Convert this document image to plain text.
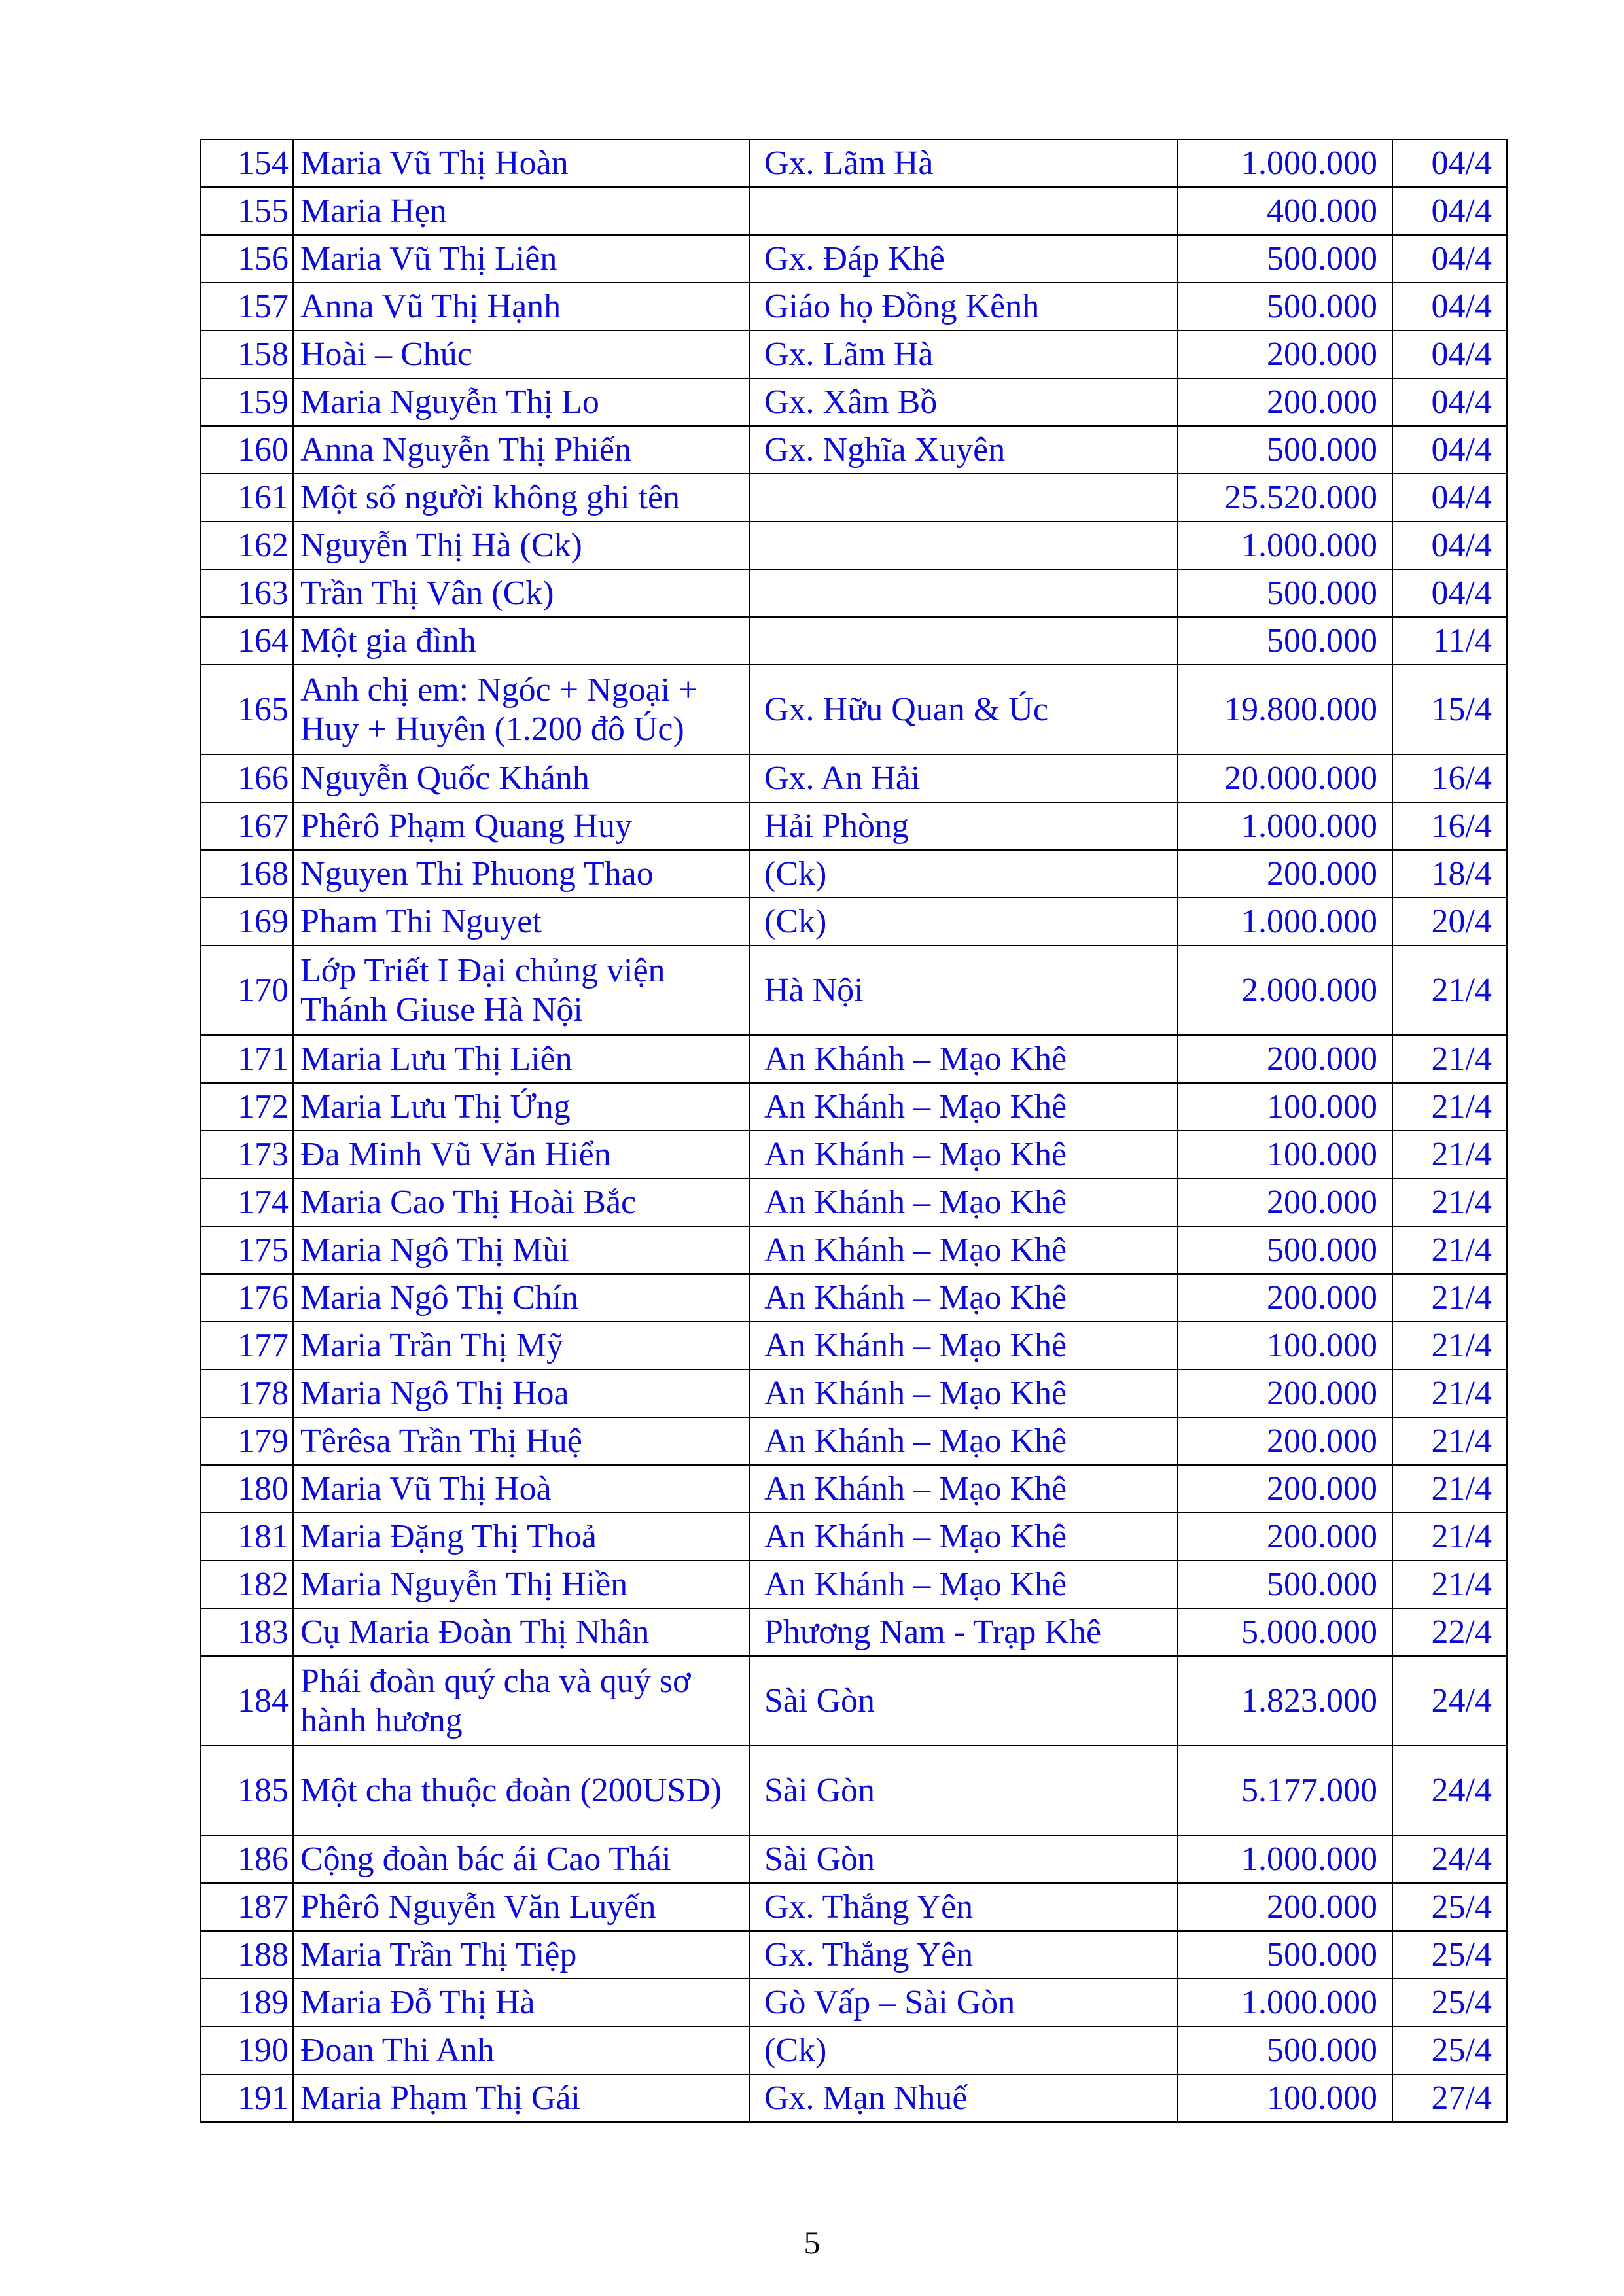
154	Maria Vũ Thị Hoàn	Gx. Lãm Hà	1.000.000	04/4
155	Maria Hẹn		400.000	04/4
156	Maria Vũ Thị Liên	Gx. Đáp Khê	500.000	04/4
157	Anna Vũ Thị Hạnh	Giáo họ Đồng Kênh	500.000	04/4
158	Hoài – Chúc	Gx. Lãm Hà	200.000	04/4
159	Maria Nguyễn Thị Lo	Gx. Xâm Bồ	200.000	04/4
160	Anna Nguyễn Thị Phiến	Gx. Nghĩa Xuyên	500.000	04/4
161	Một số người không ghi tên		25.520.000	04/4
162	Nguyễn Thị Hà (Ck)		1.000.000	04/4
163	Trần Thị Vân (Ck)		500.000	04/4
164	Một gia đình		500.000	11/4
165	Anh chị em: Ngóc + Ngoại + Huy + Huyên (1.200 đô Úc)	Gx. Hữu Quan & Úc	19.800.000	15/4
166	Nguyễn Quốc Khánh	Gx. An Hải	20.000.000	16/4
167	Phêrô Phạm Quang Huy	Hải Phòng	1.000.000	16/4
168	Nguyen Thi Phuong Thao	(Ck)	200.000	18/4
169	Pham Thi Nguyet	(Ck)	1.000.000	20/4
170	Lớp Triết I Đại chủng viện Thánh Giuse Hà Nội	Hà Nội	2.000.000	21/4
171	Maria Lưu Thị Liên	An Khánh – Mạo Khê	200.000	21/4
172	Maria Lưu Thị Ứng	An Khánh – Mạo Khê	100.000	21/4
173	Đa Minh Vũ Văn Hiển	An Khánh – Mạo Khê	100.000	21/4
174	Maria Cao Thị Hoài Bắc	An Khánh – Mạo Khê	200.000	21/4
175	Maria Ngô Thị Mùi	An Khánh – Mạo Khê	500.000	21/4
176	Maria Ngô Thị Chín	An Khánh – Mạo Khê	200.000	21/4
177	Maria Trần Thị Mỹ	An Khánh – Mạo Khê	100.000	21/4
178	Maria Ngô Thị Hoa	An Khánh – Mạo Khê	200.000	21/4
179	Têrêsa Trần Thị Huệ	An Khánh – Mạo Khê	200.000	21/4
180	Maria Vũ Thị Hoà	An Khánh – Mạo Khê	200.000	21/4
181	Maria Đặng Thị Thoả	An Khánh – Mạo Khê	200.000	21/4
182	Maria Nguyễn Thị Hiền	An Khánh – Mạo Khê	500.000	21/4
183	Cụ Maria Đoàn Thị Nhân	Phương Nam - Trạp Khê	5.000.000	22/4
184	Phái đoàn quý cha và quý sơ hành hương	Sài Gòn	1.823.000	24/4
185	Một cha thuộc đoàn (200USD)	Sài Gòn	5.177.000	24/4
186	Cộng đoàn bác ái Cao Thái	Sài Gòn	1.000.000	24/4
187	Phêrô Nguyễn Văn Luyến	Gx. Thắng Yên	200.000	25/4
188	Maria Trần Thị Tiệp	Gx. Thắng Yên	500.000	25/4
189	Maria Đỗ Thị Hà	Gò Vấp – Sài Gòn	1.000.000	25/4
190	Đoan Thi Anh	(Ck)	500.000	25/4
191	Maria Phạm Thị Gái	Gx. Mạn Nhuế	100.000	27/4
5
